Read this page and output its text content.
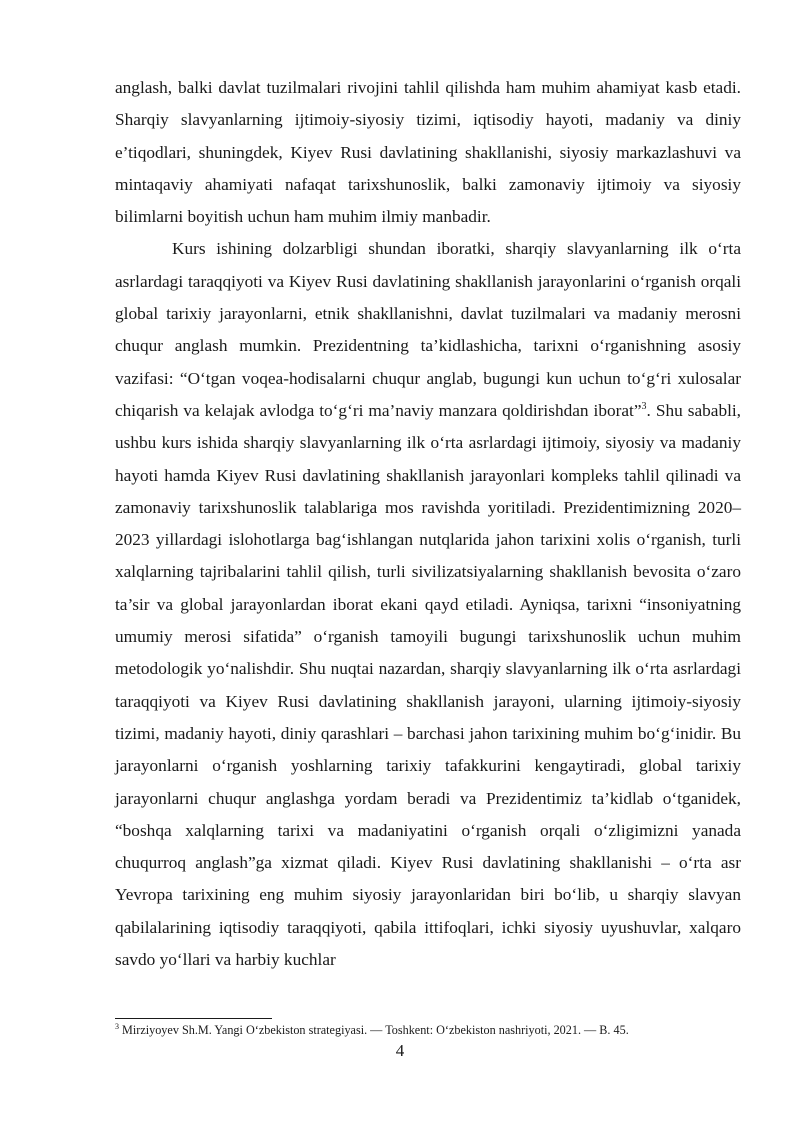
anglash, balki davlat tuzilmalari rivojini tahlil qilishda ham muhim ahamiyat kasb etadi. Sharqiy slavyanlarning ijtimoiy-siyosiy tizimi, iqtisodiy hayoti, madaniy va diniy e’tiqodlari, shuningdek, Kiyev Rusi davlatining shakllanishi, siyosiy markazlashuvi va mintaqaviy ahamiyati nafaqat tarixshunoslik, balki zamonaviy ijtimoiy va siyosiy bilimlarni boyitish uchun ham muhim ilmiy manbadir.

Kurs ishining dolzarbligi shundan iboratki, sharqiy slavyanlarning ilk oʻrta asrlardagi taraqqiyoti va Kiyev Rusi davlatining shakllanish jarayonlarini oʻrganish orqali global tarixiy jarayonlarni, etnik shakllanishni, davlat tuzilmalari va madaniy merosni chuqur anglash mumkin. Prezidentning ta’kidlashicha, tarixni oʻrganishning asosiy vazifasi: “Oʻtgan voqea-hodisalarni chuqur anglab, bugungi kun uchun toʻgʻri xulosalar chiqarish va kelajak avlodga toʻgʻri ma’naviy manzara qoldirishdan iborat”$^3$. Shu sababli, ushbu kurs ishida sharqiy slavyanlarning ilk oʻrta asrlardagi ijtimoiy, siyosiy va madaniy hayoti hamda Kiyev Rusi davlatining shakllanish jarayonlari kompleks tahlil qilinadi va zamonaviy tarixshunoslik talablariga mos ravishda yoritiladi. Prezidentimizning 2020–2023 yillardagi islohotlarga bagʻishlangan nutqlarida jahon tarixini xolis oʻrganish, turli xalqlarning tajribalarini tahlil qilish, turli sivilizatsiyalarning shakllanish bevosita oʻzaro ta’sir va global jarayonlardan iborat ekani qayd etiladi. Ayniqsa, tarixni “insoniyatning umumiy merosi sifatida” oʻrganish tamoyili bugungi tarixshunoslik uchun muhim metodologik yoʻnalishdir. Shu nuqtai nazardan, sharqiy slavyanlarning ilk oʻrta asrlardagi taraqqiyoti va Kiyev Rusi davlatining shakllanish jarayoni, ularning ijtimoiy-siyosiy tizimi, madaniy hayoti, diniy qarashlari – barchasi jahon tarixining muhim boʻgʻinidir. Bu jarayonlarni oʻrganish yoshlarning tarixiy tafakkurini kengaytiradi, global tarixiy jarayonlarni chuqur anglashga yordam beradi va Prezidentimiz ta’kidlab oʻtganidek, “boshqa xalqlarning tarixi va madaniyatini oʻrganish orqali oʻzligimizni yanada chuqurroq anglash”ga xizmat qiladi. Kiyev Rusi davlatining shakllanishi – oʻrta asr Yevropa tarixining eng muhim siyosiy jarayonlaridan biri boʻlib, u sharqiy slavyan qabilalarining iqtisodiy taraqqiyoti, qabila ittifoqlari, ichki siyosiy uyushuvlar, xalqaro savdo yoʻllari va harbiy kuchlar

$^3$ Mirziyoyev Sh.M. Yangi Oʻzbekiston strategiyasi. — Toshkent: Oʻzbekiston nashriyoti, 2021. — B. 45.
4
